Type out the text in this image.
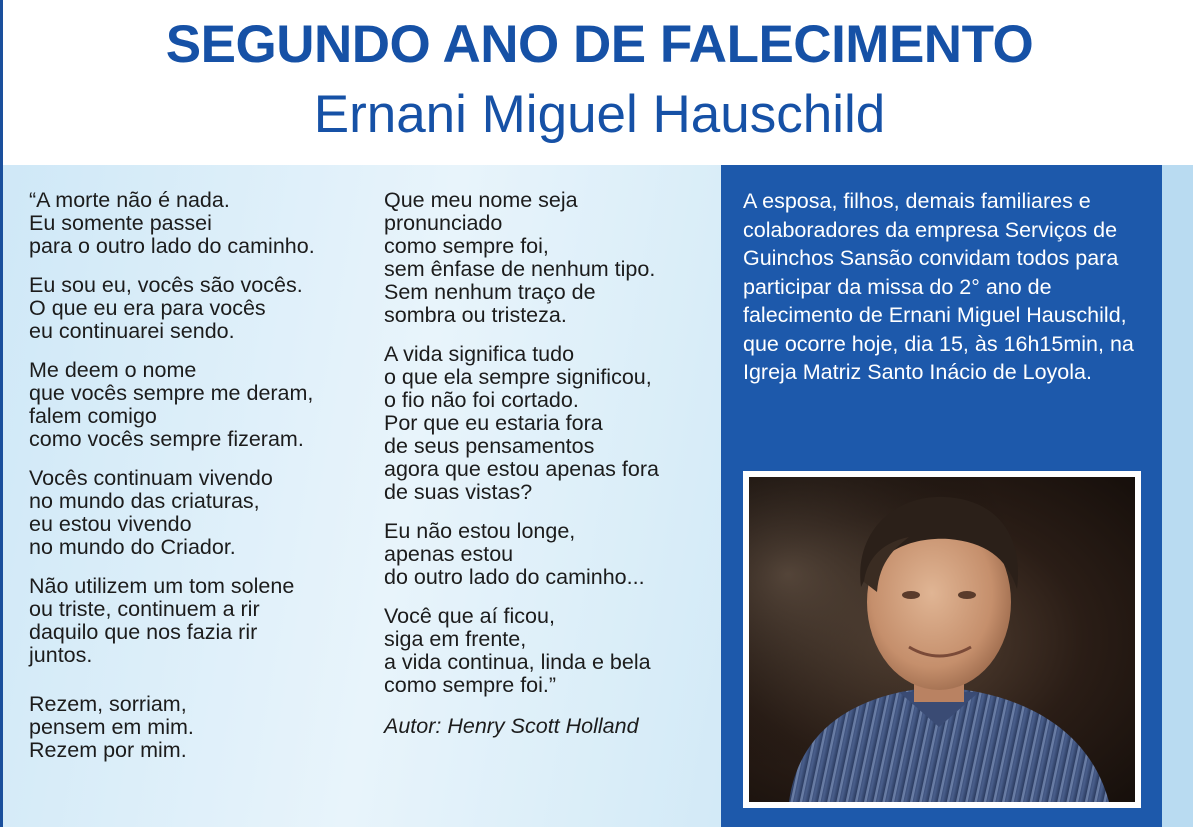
SEGUNDO ANO DE FALECIMENTO
Ernani Miguel Hauschild
“A morte não é nada.
Eu somente passei
para o outro lado do caminho.
Eu sou eu, vocês são vocês.
O que eu era para vocês
eu continuarei sendo.
Me deem o nome
que vocês sempre me deram,
falem comigo
como vocês sempre fizeram.
Vocês continuam vivendo
no mundo das criaturas,
eu estou vivendo
no mundo do Criador.
Não utilizem um tom solene
ou triste, continuem a rir
daquilo que nos fazia rir
juntos.
Rezem, sorriam,
pensem em mim.
Rezem por mim.
Que meu nome seja
pronunciado
como sempre foi,
sem ênfase de nenhum tipo.
Sem nenhum traço de
sombra ou tristeza.
A vida significa tudo
o que ela sempre significou,
o fio não foi cortado.
Por que eu estaria fora
de seus pensamentos
agora que estou apenas fora
de suas vistas?
Eu não estou longe,
apenas estou
do outro lado do caminho...
Você que aí ficou,
siga em frente,
a vida continua, linda e bela
como sempre foi.”
Autor: Henry Scott Holland
A esposa, filhos, demais familiares e colaboradores da empresa Serviços de Guinchos Sansão convidam todos para participar da missa do 2° ano de falecimento de Ernani Miguel Hauschild, que ocorre hoje, dia 15, às 16h15min, na Igreja Matriz Santo Inácio de Loyola.
